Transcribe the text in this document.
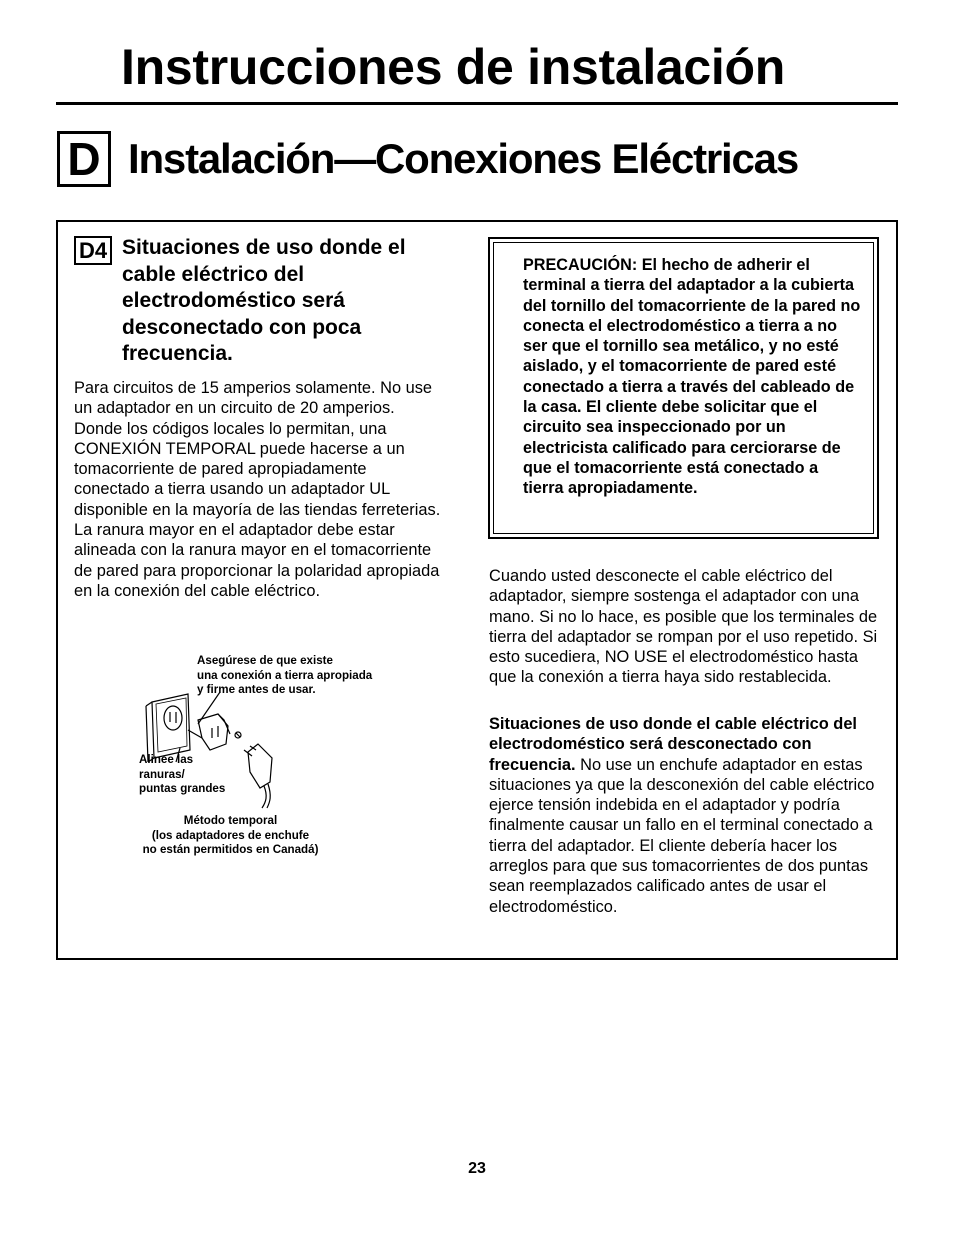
Instrucciones de instalación
D Instalación—Conexiones Eléctricas
D4 Situaciones de uso donde el cable eléctrico del electrodoméstico será desconectado con poca frecuencia.
Para circuitos de 15 amperios solamente. No use un adaptador en un circuito de 20 amperios. Donde los códigos locales lo permitan, una CONEXIÓN TEMPORAL puede hacerse a un tomacorriente de pared apropiadamente conectado a tierra usando un adaptador UL disponible en la mayoría de las tiendas ferreterias. La ranura mayor en el adaptador debe estar alineada con la ranura mayor en el tomacorriente de pared para proporcionar la polaridad apropiada en la conexión del cable eléctrico.
Asegúrese de que existe
una conexión a tierra apropiada
y firme antes de usar.
Alinee las
ranuras/
puntas grandes
Método temporal
(los adaptadores de enchufe
no están permitidos en Canadá)
PRECAUCIÓN: El hecho de adherir el terminal a tierra del adaptador a la cubierta del tornillo del tomacorriente de la pared no conecta el electrodoméstico a tierra a no ser que el tornillo sea metálico, y no esté aislado, y el tomacorriente de pared esté conectado a tierra a través del cableado de la casa. El cliente debe solicitar que el circuito sea inspeccionado por un electricista calificado para cerciorarse de que el tomacorriente está conectado a tierra apropiadamente.
Cuando usted desconecte el cable eléctrico del adaptador, siempre sostenga el adaptador con una mano. Si no lo hace, es posible que los terminales de tierra del adaptador se rompan por el uso repetido. Si esto sucediera, NO USE el electrodoméstico hasta que la conexión a tierra haya sido restablecida.
Situaciones de uso donde el cable eléctrico del electrodoméstico será desconectado con frecuencia. No use un enchufe adaptador en estas situaciones ya que la desconexión del cable eléctrico ejerce tensión indebida en el adaptador y podría finalmente causar un fallo en el terminal conectado a tierra del adaptador. El cliente debería hacer los arreglos para que sus tomacorrientes de dos puntas sean reemplazados calificado antes de usar el electrodoméstico.
23
